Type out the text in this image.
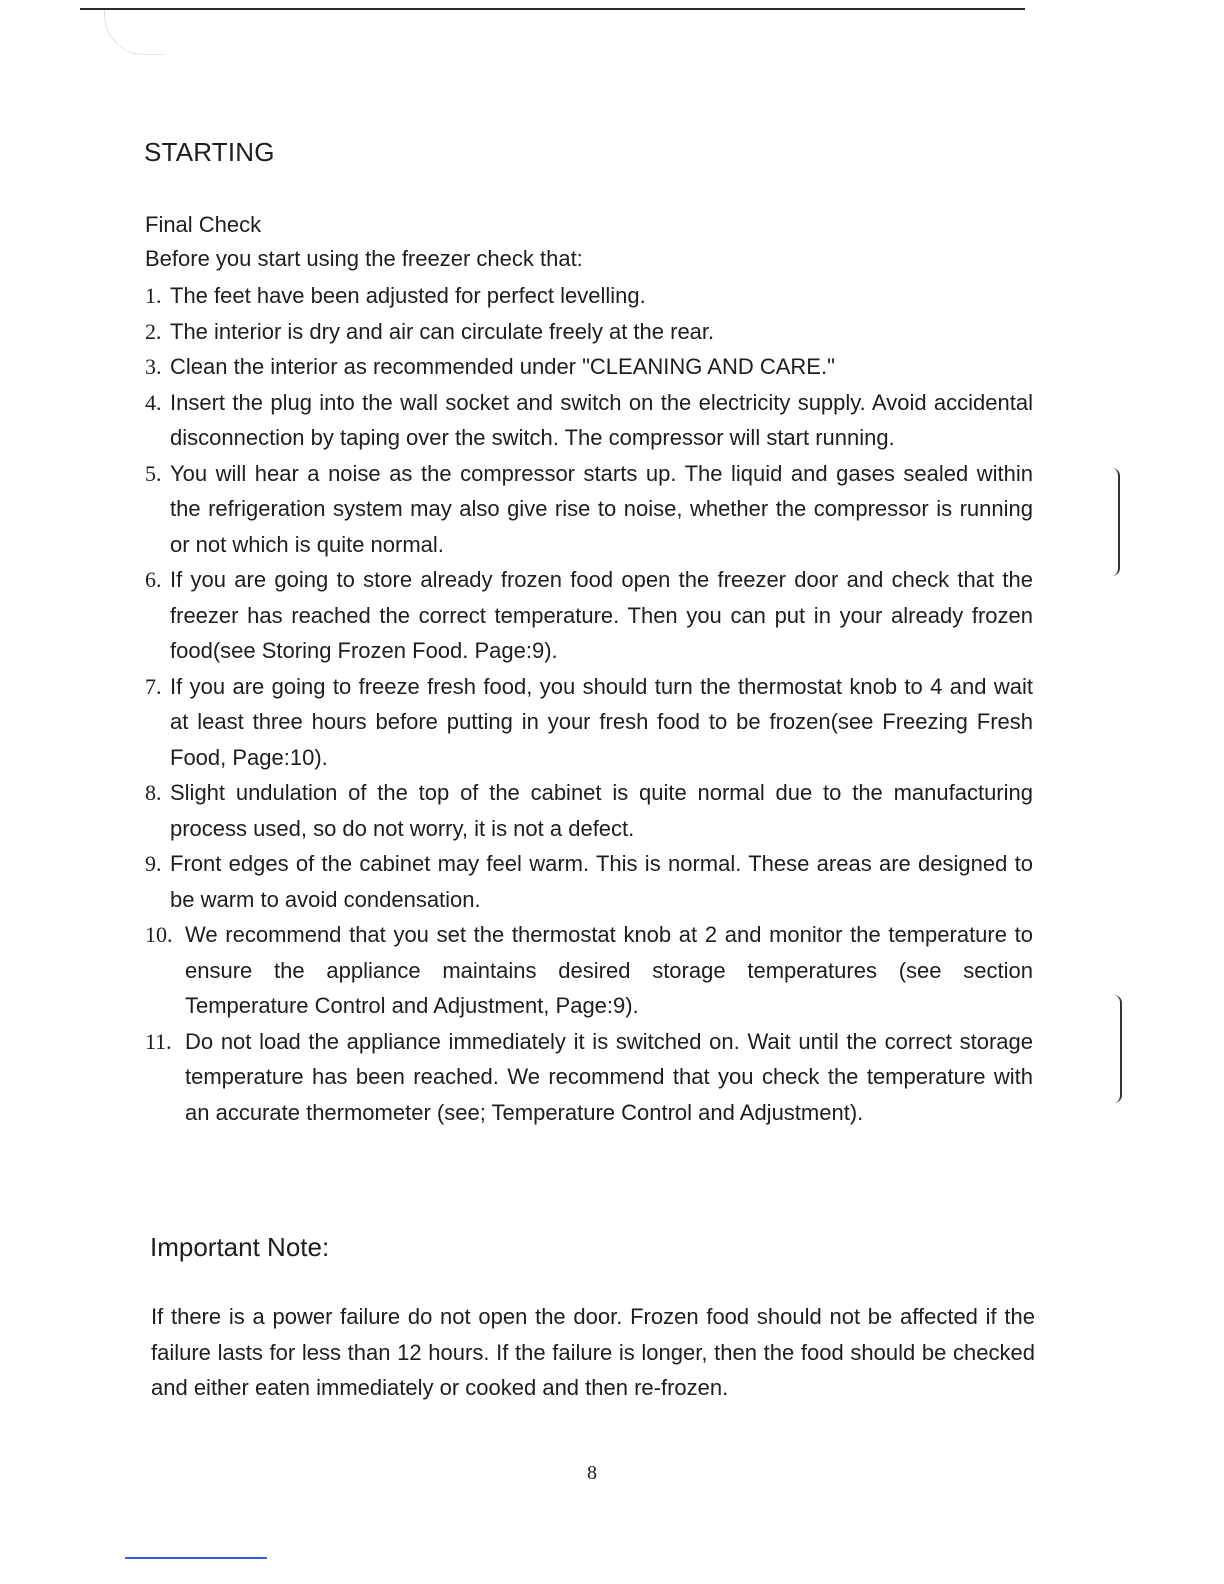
STARTING

Final Check

Before you start using the freezer check that:

1. The feet have been adjusted for perfect levelling.
2. The interior is dry and air can circulate freely at the rear.
3. Clean the interior as recommended under "CLEANING AND CARE."
4. Insert the plug into the wall socket and switch on the electricity supply. Avoid accidental disconnection by taping over the switch. The compressor will start running.
5. You will hear a noise as the compressor starts up. The liquid and gases sealed within the refrigeration system may also give rise to noise, whether the compressor is running or not which is quite normal.
6. If you are going to store already frozen food open the freezer door and check that the freezer has reached the correct temperature. Then you can put in your already frozen food(see Storing Frozen Food. Page:9).
7. If you are going to freeze fresh food, you should turn the thermostat knob to 4 and wait at least three hours before putting in your fresh food to be frozen(see Freezing Fresh Food, Page:10).
8. Slight undulation of the top of the cabinet is quite normal due to the manufacturing process used, so do not worry, it is not a defect.
9. Front edges of the cabinet may feel warm. This is normal. These areas are designed to be warm to avoid condensation.
10. We recommend that you set the thermostat knob at 2 and monitor the temperature to ensure the appliance maintains desired storage temperatures (see section Temperature Control and Adjustment, Page:9).
11. Do not load the appliance immediately it is switched on. Wait until the correct storage temperature has been reached. We recommend that you check the temperature with an accurate thermometer (see; Temperature Control and Adjustment).
Important Note:

If there is a power failure do not open the door. Frozen food should not be affected if the failure lasts for less than 12 hours. If the failure is longer, then the food should be checked and either eaten immediately or cooked and then re-frozen.

8
